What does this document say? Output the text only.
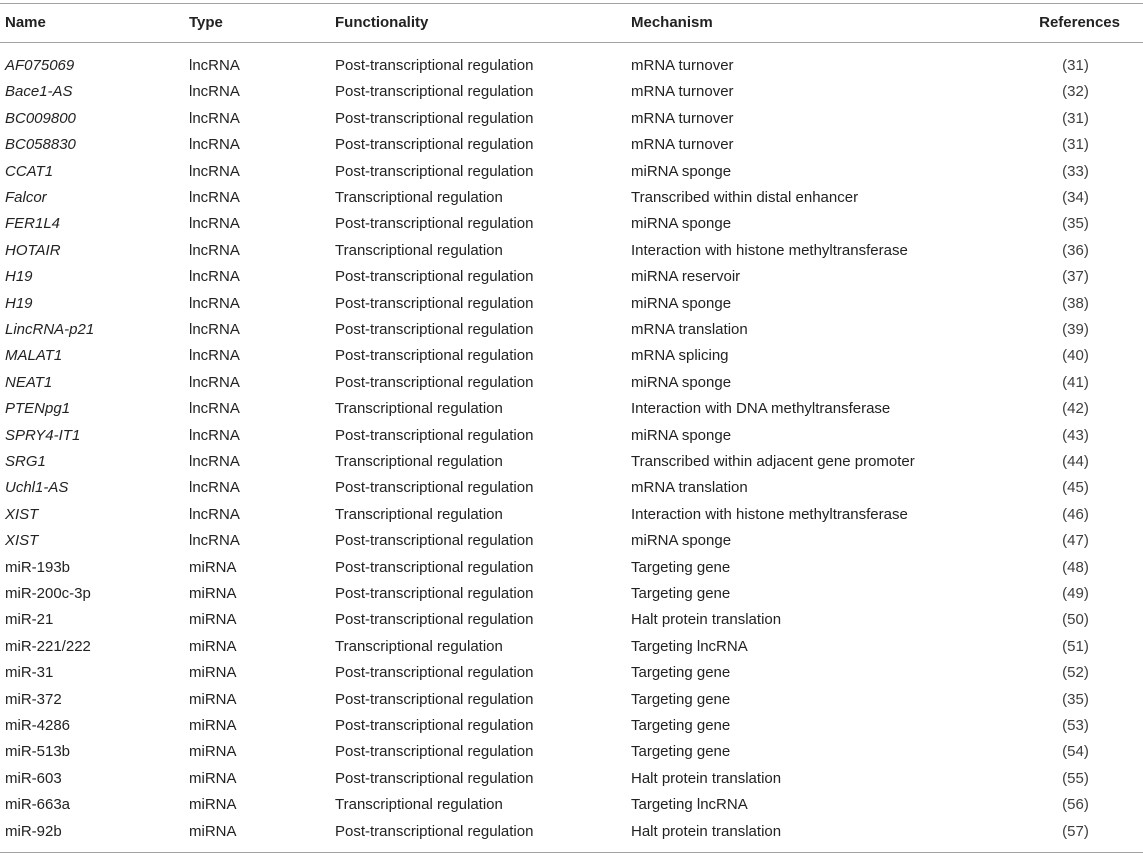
Name	Type	Functionality	Mechanism	References
AF075069	lncRNA	Post-transcriptional regulation	mRNA turnover	(31)
Bace1-AS	lncRNA	Post-transcriptional regulation	mRNA turnover	(32)
BC009800	lncRNA	Post-transcriptional regulation	mRNA turnover	(31)
BC058830	lncRNA	Post-transcriptional regulation	mRNA turnover	(31)
CCAT1	lncRNA	Post-transcriptional regulation	miRNA sponge	(33)
Falcor	lncRNA	Transcriptional regulation	Transcribed within distal enhancer	(34)
FER1L4	lncRNA	Post-transcriptional regulation	miRNA sponge	(35)
HOTAIR	lncRNA	Transcriptional regulation	Interaction with histone methyltransferase	(36)
H19	lncRNA	Post-transcriptional regulation	miRNA reservoir	(37)
H19	lncRNA	Post-transcriptional regulation	miRNA sponge	(38)
LincRNA-p21	lncRNA	Post-transcriptional regulation	mRNA translation	(39)
MALAT1	lncRNA	Post-transcriptional regulation	mRNA splicing	(40)
NEAT1	lncRNA	Post-transcriptional regulation	miRNA sponge	(41)
PTENpg1	lncRNA	Transcriptional regulation	Interaction with DNA methyltransferase	(42)
SPRY4-IT1	lncRNA	Post-transcriptional regulation	miRNA sponge	(43)
SRG1	lncRNA	Transcriptional regulation	Transcribed within adjacent gene promoter	(44)
Uchl1-AS	lncRNA	Post-transcriptional regulation	mRNA translation	(45)
XIST	lncRNA	Transcriptional regulation	Interaction with histone methyltransferase	(46)
XIST	lncRNA	Post-transcriptional regulation	miRNA sponge	(47)
miR-193b	miRNA	Post-transcriptional regulation	Targeting gene	(48)
miR-200c-3p	miRNA	Post-transcriptional regulation	Targeting gene	(49)
miR-21	miRNA	Post-transcriptional regulation	Halt protein translation	(50)
miR-221/222	miRNA	Transcriptional regulation	Targeting lncRNA	(51)
miR-31	miRNA	Post-transcriptional regulation	Targeting gene	(52)
miR-372	miRNA	Post-transcriptional regulation	Targeting gene	(35)
miR-4286	miRNA	Post-transcriptional regulation	Targeting gene	(53)
miR-513b	miRNA	Post-transcriptional regulation	Targeting gene	(54)
miR-603	miRNA	Post-transcriptional regulation	Halt protein translation	(55)
miR-663a	miRNA	Transcriptional regulation	Targeting lncRNA	(56)
miR-92b	miRNA	Post-transcriptional regulation	Halt protein translation	(57)
